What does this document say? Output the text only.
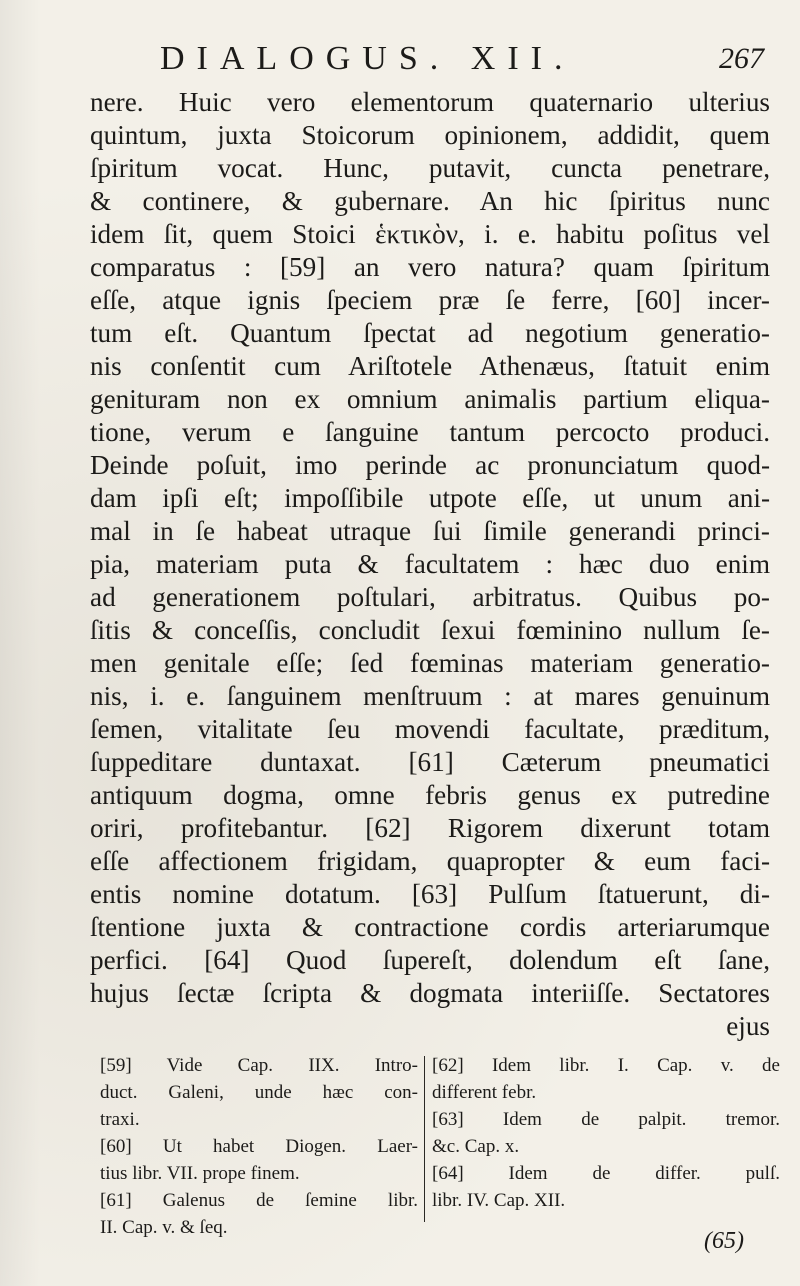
DIALOGUS. XII.	267
nere. Huic vero elementorum quaternario ulterius
quintum, juxta Stoicorum opinionem, addidit, quem
ſpiritum vocat. Hunc, putavit, cuncta penetrare,
& continere, & gubernare. An hic ſpiritus nunc
idem ſit, quem Stoici ἑκτικὸν, i. e. habitu poſitus vel
comparatus : [59] an vero natura? quam ſpiritum
eſſe, atque ignis ſpeciem præ ſe ferre, [60] incer-
tum eſt. Quantum ſpectat ad negotium generatio-
nis conſentit cum Ariſtotele Athenæus, ſtatuit enim
genituram non ex omnium animalis partium eliqua-
tione, verum e ſanguine tantum percocto produci.
Deinde poſuit, imo perinde ac pronunciatum quod-
dam ipſi eſt; impoſſibile utpote eſſe, ut unum ani-
mal in ſe habeat utraque ſui ſimile generandi princi-
pia, materiam puta & facultatem : hæc duo enim
ad generationem poſtulari, arbitratus. Quibus po-
ſitis & conceſſis, concludit ſexui fœminino nullum ſe-
men genitale eſſe; ſed fœminas materiam generatio-
nis, i. e. ſanguinem menſtruum : at mares genuinum
ſemen, vitalitate ſeu movendi facultate, præditum,
ſuppeditare duntaxat. [61] Cæterum pneumatici
antiquum dogma, omne febris genus ex putredine
oriri, profitebantur. [62] Rigorem dixerunt totam
eſſe affectionem frigidam, quapropter & eum faci-
entis nomine dotatum. [63] Pulſum ſtatuerunt, di-
ſtentione juxta & contractione cordis arteriarumque
perfici. [64] Quod ſupereſt, dolendum eſt ſane,
hujus ſectæ ſcripta & dogmata interiiſſe. Sectatores
ejus
[59] Vide Cap. IIX. Intro-
duct. Galeni, unde hæc con-
traxi.
[60] Ut habet Diogen. Laer-
tius libr. VII. prope finem.
[61] Galenus de ſemine libr.
II. Cap. v. & ſeq.
[62] Idem libr. I. Cap. v. de
different febr.
[63] Idem de palpit. tremor.
&c. Cap. x.
[64] Idem de differ. pulſ.
libr. IV. Cap. XII.
(65)
